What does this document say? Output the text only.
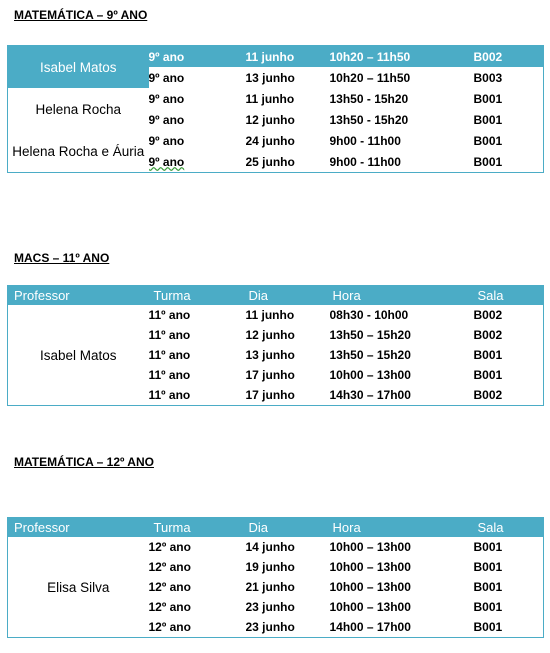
MATEMÁTICA – 9º ANO
Isabel Matos	9º ano	11 junho	10h20 – 11h50	B002
	9º ano	13 junho	10h20 – 11h50	B003
Helena Rocha	9º ano	11 junho	13h50 - 15h20	B001
	9º ano	12 junho	13h50 - 15h20	B001
Helena Rocha e Áuria	9º ano	24 junho	9h00 - 11h00	B001
	9º ano	25 junho	9h00 - 11h00	B001
MACS – 11º ANO
Professor	Turma	Dia	Hora	Sala
Isabel Matos	11º ano	11 junho	08h30 - 10h00	B002
	11º ano	12 junho	13h50 – 15h20	B002
	11º ano	13 junho	13h50 – 15h20	B001
	11º ano	17 junho	10h00 – 13h00	B001
	11º ano	17 junho	14h30 – 17h00	B002
MATEMÁTICA – 12º ANO
Professor	Turma	Dia	Hora	Sala
Elisa Silva	12º ano	14 junho	10h00 – 13h00	B001
	12º ano	19 junho	10h00 – 13h00	B001
	12º ano	21 junho	10h00 – 13h00	B001
	12º ano	23 junho	10h00 – 13h00	B001
	12º ano	23 junho	14h00 – 17h00	B001
